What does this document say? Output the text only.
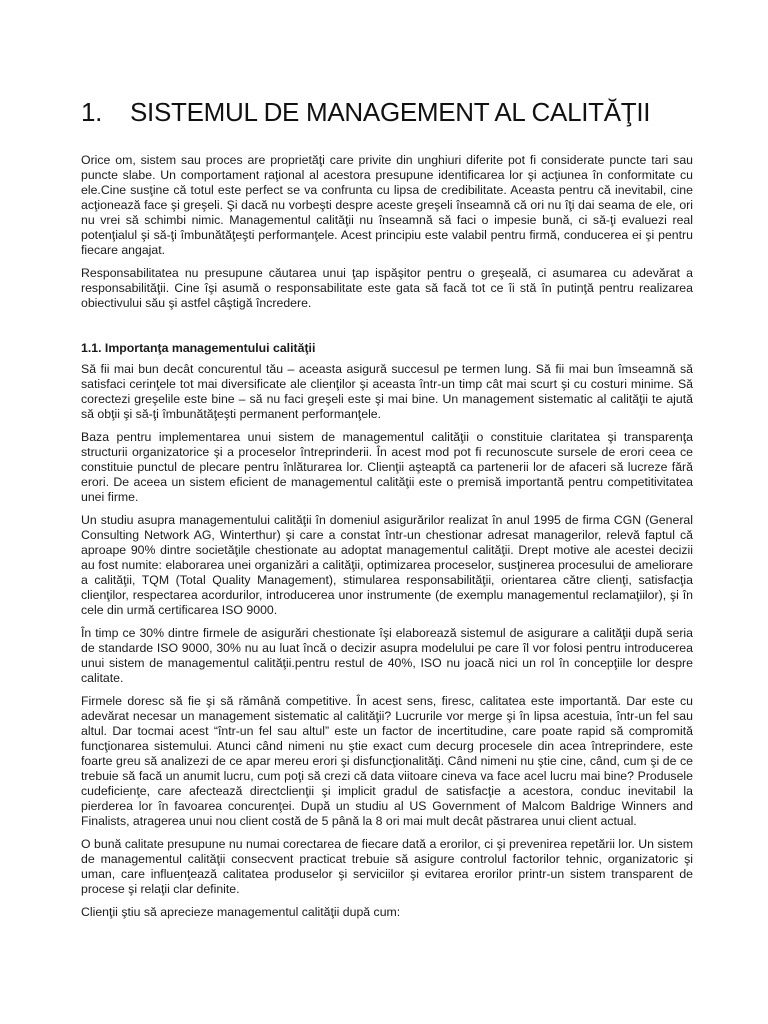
1. SISTEMUL DE MANAGEMENT AL CALITĂŢII

Orice om, sistem sau proces are proprietăţi care privite din unghiuri diferite pot fi considerate puncte tari sau puncte slabe. Un comportament raţional al acestora presupune identificarea lor şi acţiunea în conformitate cu ele.Cine susţine că totul este perfect se va confrunta cu lipsa de credibilitate. Aceasta pentru că inevitabil, cine acţionează face şi greşeli. Şi dacă nu vorbeşti despre aceste greşeli înseamnă că ori nu îţi dai seama de ele, ori nu vrei să schimbi nimic. Managementul calităţii nu înseamnă să faci o impesie bună, ci să-ţi evaluezi real potenţialul şi să-ţi îmbunătăţeşti performanţele. Acest principiu este valabil pentru firmă, conducerea ei şi pentru fiecare angajat.

Responsabilitatea nu presupune căutarea unui ţap ispăşitor pentru o greşeală, ci asumarea cu adevărat a responsabilităţii. Cine îşi asumă o responsabilitate este gata să facă tot ce îi stă în putinţă pentru realizarea obiectivului său şi astfel câştigă încredere.

1.1. Importanţa managementului calităţii

Să fii mai bun decât concurentul tău – aceasta asigură succesul pe termen lung. Să fii mai bun îmseamnă să satisfaci cerinţele tot mai diversificate ale clienţilor şi aceasta într-un timp cât mai scurt şi cu costuri minime. Să corectezi greşelile este bine – să nu faci greşeli este şi mai bine. Un management sistematic al calităţii te ajută să obţii şi să-ţi îmbunătăţeşti permanent performanţele.

Baza pentru implementarea unui sistem de managementul calităţii o constituie claritatea şi transparenţa structurii organizatorice şi a proceselor întreprinderii. În acest mod pot fi recunoscute sursele de erori ceea ce constituie punctul de plecare pentru înlăturarea lor. Clienţii aşteaptă ca partenerii lor de afaceri să lucreze fără erori. De aceea un sistem eficient de managementul calităţii este o premisă importantă pentru competitivitatea unei firme.

Un studiu asupra managementului calităţii în domeniul asigurărilor realizat în anul 1995 de firma CGN (General Consulting Network AG, Winterthur) şi care a constat într-un chestionar adresat managerilor, relevă faptul că aproape 90% dintre societăţile chestionate au adoptat managementul calităţii. Drept motive ale acestei decizii au fost numite: elaborarea unei organizări a calităţii, optimizarea proceselor, susţinerea procesului de ameliorare a calităţii, TQM (Total Quality Management), stimularea responsabilităţii, orientarea către clienţi, satisfacţia clienţilor, respectarea acordurilor, introducerea unor instrumente (de exemplu managementul reclamaţiilor), şi în cele din urmă certificarea ISO 9000.

În timp ce 30% dintre firmele de asigurări chestionate îşi elaborează sistemul de asigurare a calităţii după seria de standarde ISO 9000, 30% nu au luat încă o decizir asupra modelului pe care îl vor folosi pentru introducerea unui sistem de managementul calităţii.pentru restul de 40%, ISO nu joacă nici un rol în concepţiile lor despre calitate.

Firmele doresc să fie şi să rămână competitive. În acest sens, firesc, calitatea este importantă. Dar este cu adevărat necesar un management sistematic al calităţii? Lucrurile vor merge şi în lipsa acestuia, într-un fel sau altul. Dar tocmai acest “într-un fel sau altul” este un factor de incertitudine, care poate rapid să compromită funcţionarea sistemului. Atunci când nimeni nu ştie exact cum decurg procesele din acea întreprindere, este foarte greu să analizezi de ce apar mereu erori şi disfuncţionalităţi. Când nimeni nu ştie cine, când, cum şi de ce trebuie să facă un anumit lucru, cum poţi să crezi că data viitoare cineva va face acel lucru mai bine? Produsele cudeficienţe, care afectează directclienţii şi implicit gradul de satisfacţie a acestora, conduc inevitabil la pierderea lor în favoarea concurenţei. După un studiu al US Government of Malcom Baldrige Winners and Finalists, atragerea unui nou client costă de 5 până la 8 ori mai mult decât păstrarea unui client actual.

O bună calitate presupune nu numai corectarea de fiecare dată a erorilor, ci şi prevenirea repetării lor. Un sistem de managementul calităţii consecvent practicat trebuie să asigure controlul factorilor tehnic, organizatoric şi uman, care influenţează calitatea produselor şi serviciilor şi evitarea erorilor printr-un sistem transparent de procese şi relaţii clar definite.

Clienţii ştiu să aprecieze managementul calităţii după cum:
